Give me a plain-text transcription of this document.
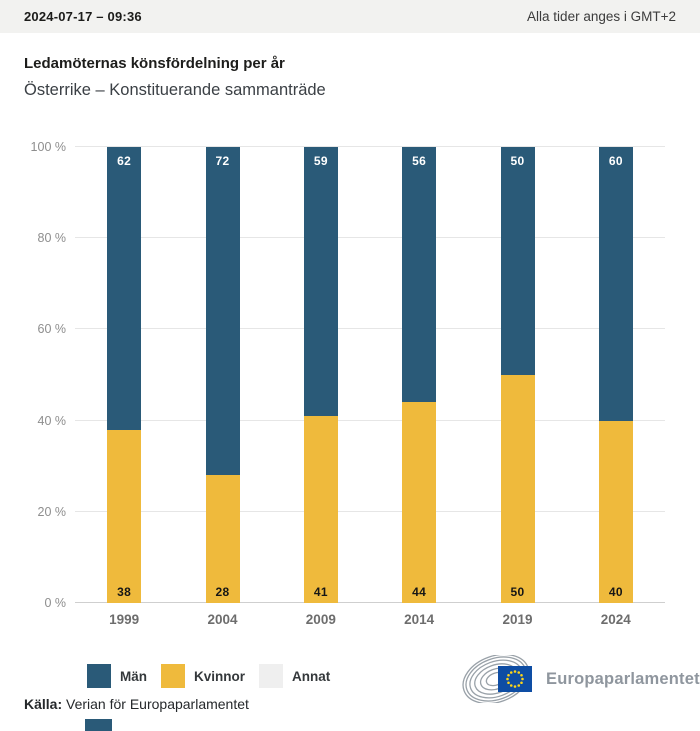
2024-07-17 – 09:36	Alla tider anges i GMT+2
Ledamöternas könsfördelning per år
Österrike – Konstituerande sammanträde
0 %
20 %
40 %
60 %
80 %
100 %
38
62
28
72
41
59
44
56
50
50
40
60
1999	2004	2009	2014	2019	2024
Män	Kvinnor	Annat
Källa: Verian för Europaparlamentet
Europaparlamentet
